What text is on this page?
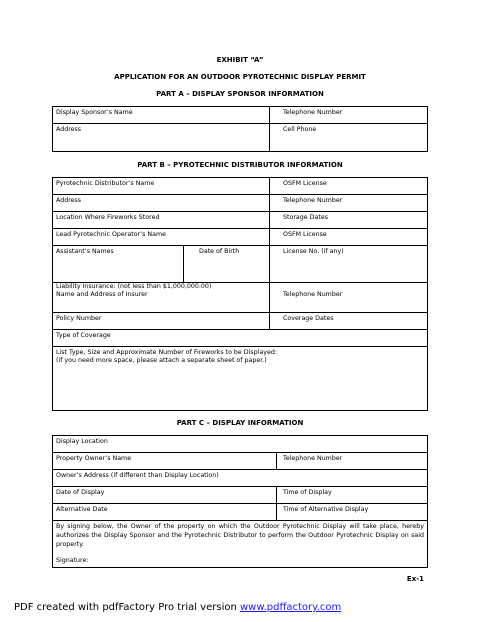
EXHIBIT “A”
APPLICATION FOR AN OUTDOOR PYROTECHNIC DISPLAY PERMIT
PART A – DISPLAY SPONSOR INFORMATION
Display Sponsor’s Name	Telephone Number
Address	Cell Phone
PART B – PYROTECHNIC DISTRIBUTOR INFORMATION
Pyrotechnic Distributor’s Name	OSFM License
Address	Telephone Number
Location Where Fireworks Stored	Storage Dates
Lead Pyrotechnic Operator’s Name	OSFM License
Assistant’s Names	Date of Birth	License No. (if any)
Liability Insurance: (not less than $1,000,000.00)
Name and Address of Insurer	Telephone Number
Policy Number	Coverage Dates
Type of Coverage
List Type, Size and Approximate Number of Fireworks to be Displayed:
(if you need more space, please attach a separate sheet of paper.)
PART C – DISPLAY INFORMATION
Display Location
Property Owner’s Name	Telephone Number
Owner’s Address (if different than Display Location)
Date of Display	Time of Display
Alternative Date	Time of Alternative Display
By signing below, the Owner of the property on which the Outdoor Pyrotechnic Display will take place, hereby authorizes the Display Sponsor and the Pyrotechnic Distributor to perform the Outdoor Pyrotechnic Display on said property.
Signature:
Ex-1
PDF created with pdfFactory Pro trial version www.pdffactory.com
